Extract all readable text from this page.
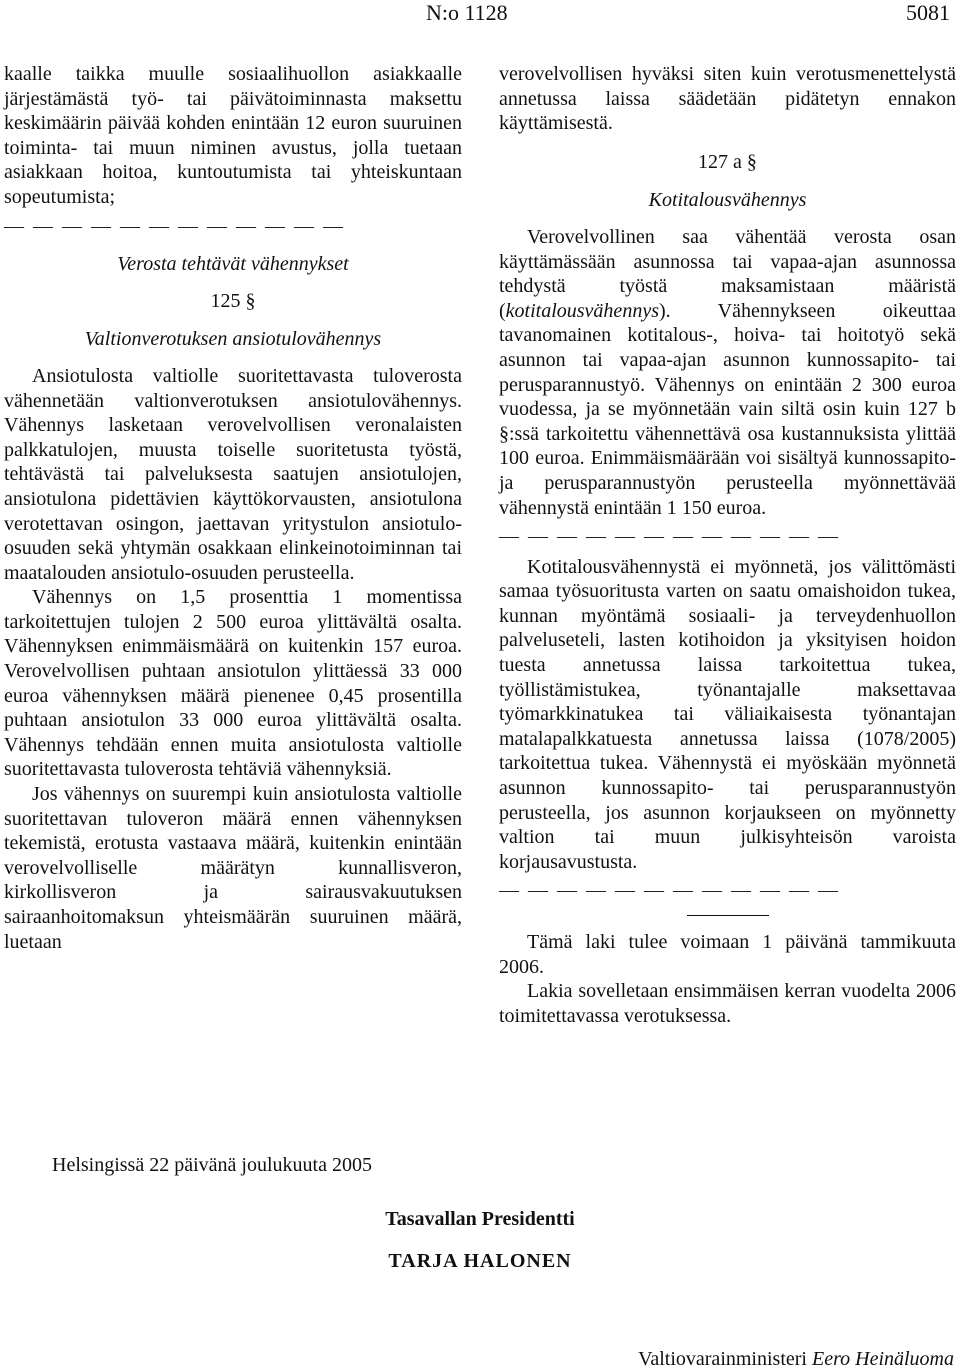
N:o 1128	5081

kaalle taikka muulle sosiaalihuollon asiakkaalle järjestämästä työ- tai päivätoiminnasta maksettu keskimäärin päivää kohden enintään 12 euron suuruinen toiminta- tai muun niminen avustus, jolla tuetaan asiakkaan hoitoa, kuntoutumista tai yhteiskuntaan sopeutumista;

— — — — — — — — — — — —
Verosta tehtävät vähennykset
125 §
Valtionverotuksen ansiotulovähennys

Ansiotulosta valtiolle suoritettavasta tuloverosta vähennetään valtionverotuksen ansiotulovähennys. Vähennys lasketaan verovelvollisen veronalaisten palkkatulojen, muusta toiselle suoritetusta työstä, tehtävästä tai palveluksesta saatujen ansiotulojen, ansiotulona pidettävien käyttökorvausten, ansiotulona verotettavan osingon, jaettavan yritystulon ansiotulo-osuuden sekä yhtymän osakkaan elinkeinotoiminnan tai maatalouden ansiotulo-osuuden perusteella.

Vähennys on 1,5 prosenttia 1 momentissa tarkoitettujen tulojen 2 500 euroa ylittävältä osalta. Vähennyksen enimmäismäärä on kuitenkin 157 euroa. Verovelvollisen puhtaan ansiotulon ylittäessä 33 000 euroa vähennyksen määrä pienenee 0,45 prosentilla puhtaan ansiotulon 33 000 euroa ylittävältä osalta. Vähennys tehdään ennen muita ansiotulosta valtiolle suoritettavasta tuloverosta tehtäviä vähennyksiä.

Jos vähennys on suurempi kuin ansiotulosta valtiolle suoritettavan tuloveron määrä ennen vähennyksen tekemistä, erotusta vastaava määrä, kuitenkin enintään verovelvolliselle määrätyn kunnallisveron, kirkollisveron ja sairausvakuutuksen sairaanhoitomaksun yhteismäärän suuruinen määrä, luetaan

verovelvollisen hyväksi siten kuin verotusmenettelystä annetussa laissa säädetään pidätetyn ennakon käyttämisestä.

127 a §
Kotitalousvähennys

Verovelvollinen saa vähentää verosta osan käyttämässään asunnossa tai vapaa-ajan asunnossa tehdystä työstä maksamistaan määristä (kotitalousvähennys). Vähennykseen oikeuttaa tavanomainen kotitalous-, hoiva- tai hoitotyö sekä asunnon tai vapaa-ajan asunnon kunnossapito- tai perusparannustyö. Vähennys on enintään 2 300 euroa vuodessa, ja se myönnetään vain siltä osin kuin 127 b §:ssä tarkoitettu vähennettävä osa kustannuksista ylittää 100 euroa. Enimmäismäärään voi sisältyä kunnossapito- ja perusparannustyön perusteella myönnettävää vähennystä enintään 1 150 euroa.

— — — — — — — — — — — —

Kotitalousvähennystä ei myönnetä, jos välittömästi samaa työsuoritusta varten on saatu omaishoidon tukea, kunnan myöntämä sosiaali- ja terveydenhuollon palveluseteli, lasten kotihoidon ja yksityisen hoidon tuesta annetussa laissa tarkoitettua tukea, työllistämistukea, työnantajalle maksettavaa työmarkkinatukea tai väliaikaisesta työnantajan matalapalkkatuesta annetussa laissa (1078/2005) tarkoitettua tukea. Vähennystä ei myöskään myönnetä asunnon kunnossapito- tai perusparannustyön perusteella, jos asunnon korjaukseen on myönnetty valtion tai muun julkisyhteisön varoista korjausavustusta.

— — — — — — — — — — — —

Tämä laki tulee voimaan 1 päivänä tammikuuta 2006.

Lakia sovelletaan ensimmäisen kerran vuodelta 2006 toimitettavassa verotuksessa.

Helsingissä 22 päivänä joulukuuta 2005
Tasavallan Presidentti
TARJA HALONEN
Valtiovarainministeri Eero Heinäluoma
